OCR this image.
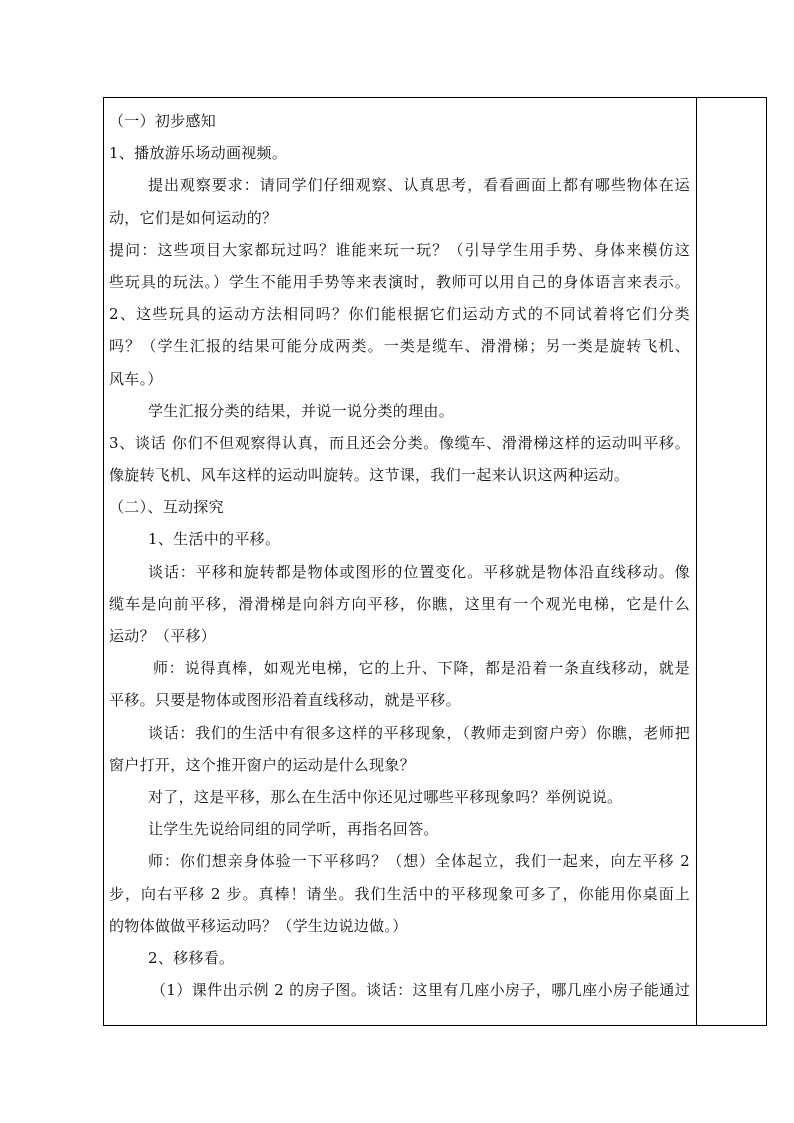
（一）初步感知
1、播放游乐场动画视频。
提出观察要求：请同学们仔细观察、认真思考，看看画面上都有哪些物体在运
动，它们是如何运动的？
提问：这些项目大家都玩过吗？谁能来玩一玩？（引导学生用手势、身体来模仿这
些玩具的玩法。）学生不能用手势等来表演时，教师可以用自己的身体语言来表示。
2、这些玩具的运动方法相同吗？你们能根据它们运动方式的不同试着将它们分类
吗？（学生汇报的结果可能分成两类。一类是缆车、滑滑梯；另一类是旋转飞机、
风车。）
学生汇报分类的结果，并说一说分类的理由。
3、谈话 你们不但观察得认真，而且还会分类。像缆车、滑滑梯这样的运动叫平移。
像旋转飞机、风车这样的运动叫旋转。这节课，我们一起来认识这两种运动。
（二）、互动探究
1、生活中的平移。
谈话：平移和旋转都是物体或图形的位置变化。平移就是物体沿直线移动。像
缆车是向前平移，滑滑梯是向斜方向平移，你瞧，这里有一个观光电梯，它是什么
运动？（平移）
师：说得真棒，如观光电梯，它的上升、下降，都是沿着一条直线移动，就是
平移。只要是物体或图形沿着直线移动，就是平移。
谈话：我们的生活中有很多这样的平移现象，（教师走到窗户旁）你瞧，老师把
窗户打开，这个推开窗户的运动是什么现象？
对了，这是平移，那么在生活中你还见过哪些平移现象吗？举例说说。
让学生先说给同组的同学听，再指名回答。
师：你们想亲身体验一下平移吗？（想）全体起立，我们一起来，向左平移 2
步，向右平移 2 步。真棒！请坐。我们生活中的平移现象可多了，你能用你桌面上
的物体做做平移运动吗？（学生边说边做。）
2、移移看。
（1）课件出示例 2 的房子图。谈话：这里有几座小房子，哪几座小房子能通过
